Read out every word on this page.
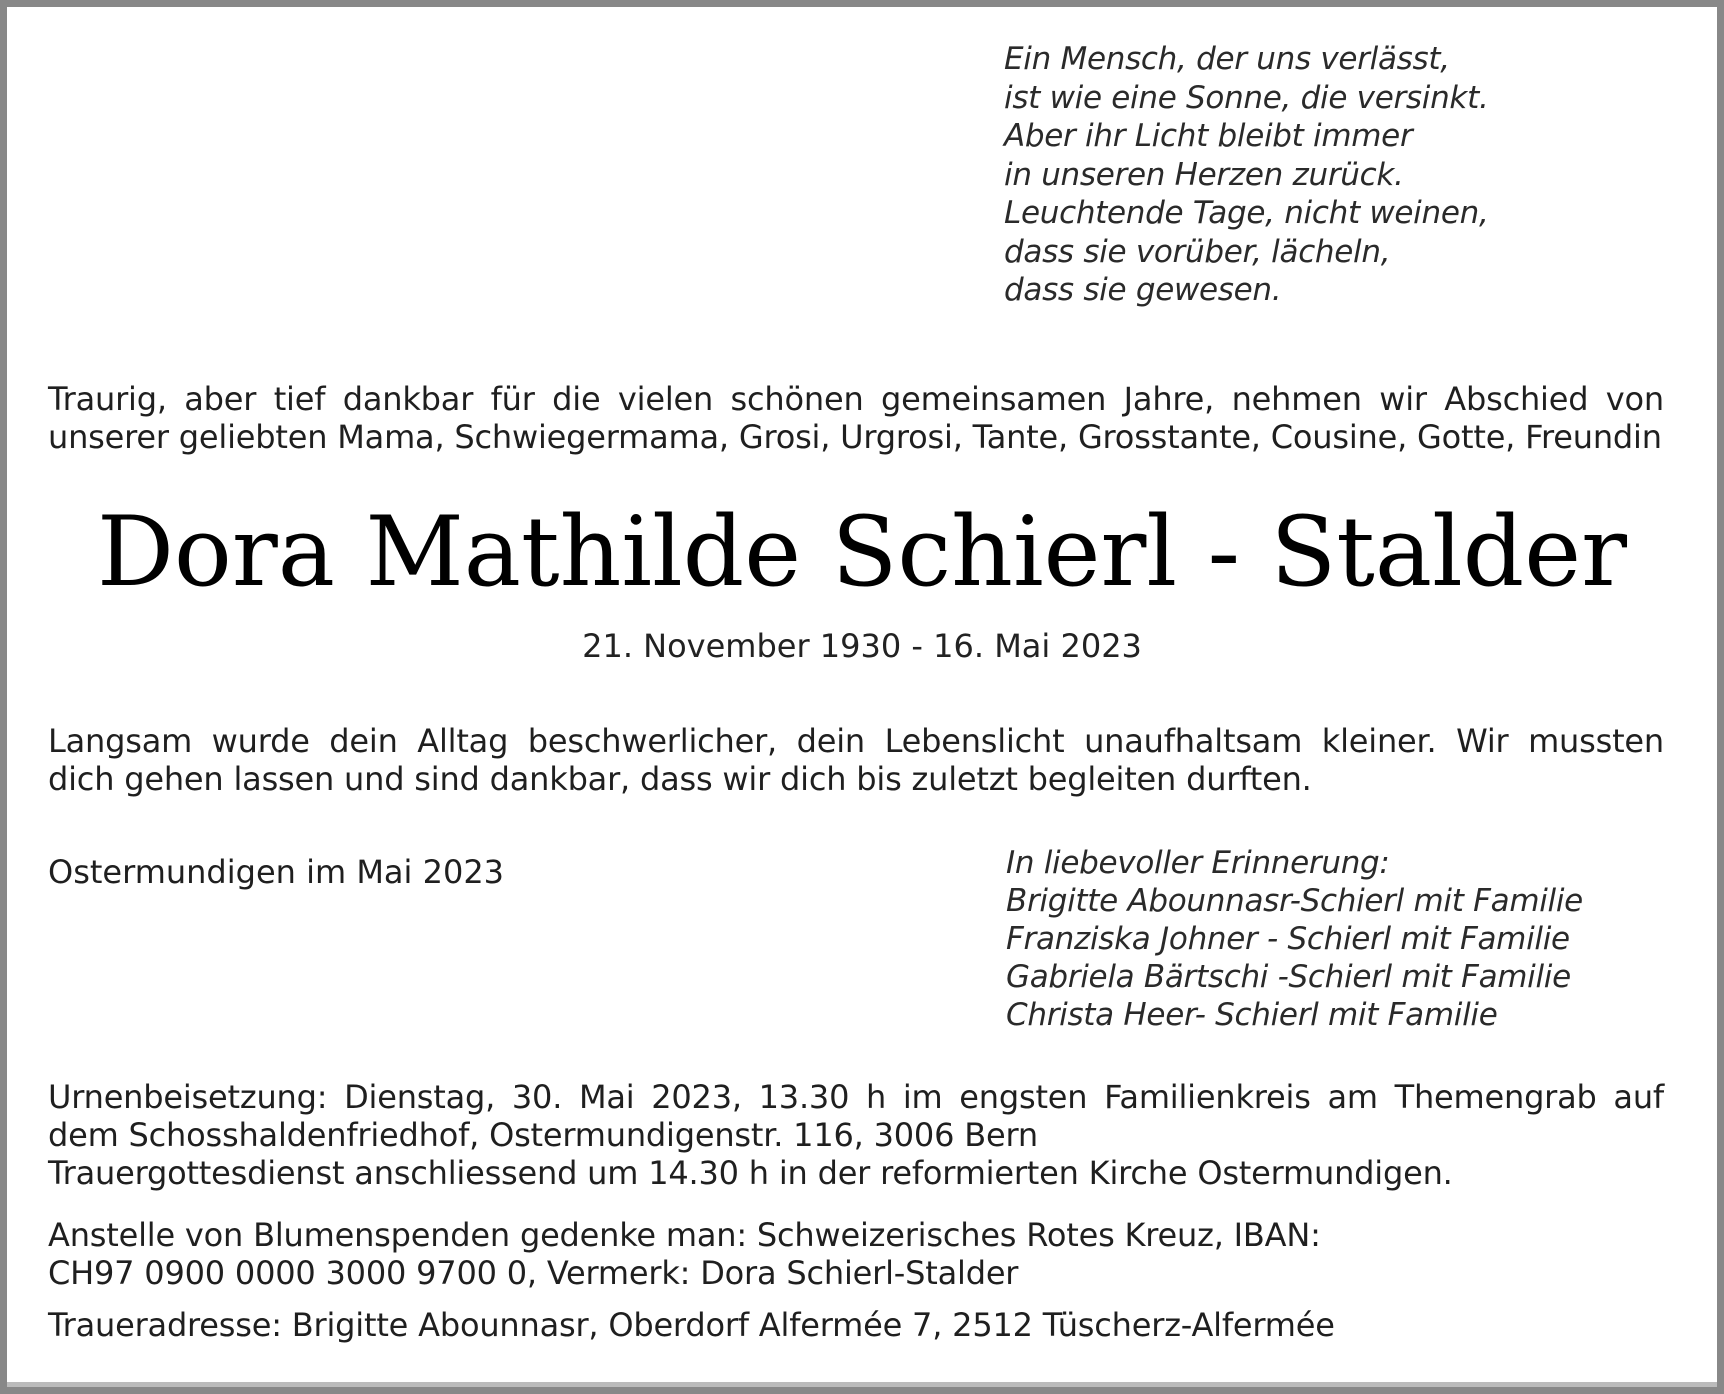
Ein Mensch, der uns verlässt,
ist wie eine Sonne, die versinkt.
Aber ihr Licht bleibt immer
in unseren Herzen zurück.
Leuchtende Tage, nicht weinen,
dass sie vorüber, lächeln,
dass sie gewesen.
Traurig, aber tief dankbar für die vielen schönen gemeinsamen Jahre, nehmen wir Abschied von
unserer geliebten Mama, Schwiegermama, Grosi, Urgrosi, Tante, Grosstante, Cousine, Gotte, Freundin
Dora Mathilde Schierl - Stalder
21. November 1930 - 16. Mai 2023
Langsam wurde dein Alltag beschwerlicher, dein Lebenslicht unaufhaltsam kleiner. Wir mussten
dich gehen lassen und sind dankbar, dass wir dich bis zuletzt begleiten durften.
Ostermundigen im Mai 2023	In liebevoller Erinnerung:
Brigitte Abounnasr-Schierl mit Familie
Franziska Johner - Schierl mit Familie
Gabriela Bärtschi -Schierl mit Familie
Christa Heer- Schierl mit Familie
Urnenbeisetzung: Dienstag, 30. Mai 2023, 13.30 h im engsten Familienkreis am Themengrab auf
dem Schosshaldenfriedhof, Ostermundigenstr. 116, 3006 Bern
Trauergottesdienst anschliessend um 14.30 h in der reformierten Kirche Ostermundigen.
Anstelle von Blumenspenden gedenke man: Schweizerisches Rotes Kreuz, IBAN:
CH97 0900 0000 3000 9700 0, Vermerk: Dora Schierl-Stalder
Traueradresse: Brigitte Abounnasr, Oberdorf Alfermée 7, 2512 Tüscherz-Alfermée
